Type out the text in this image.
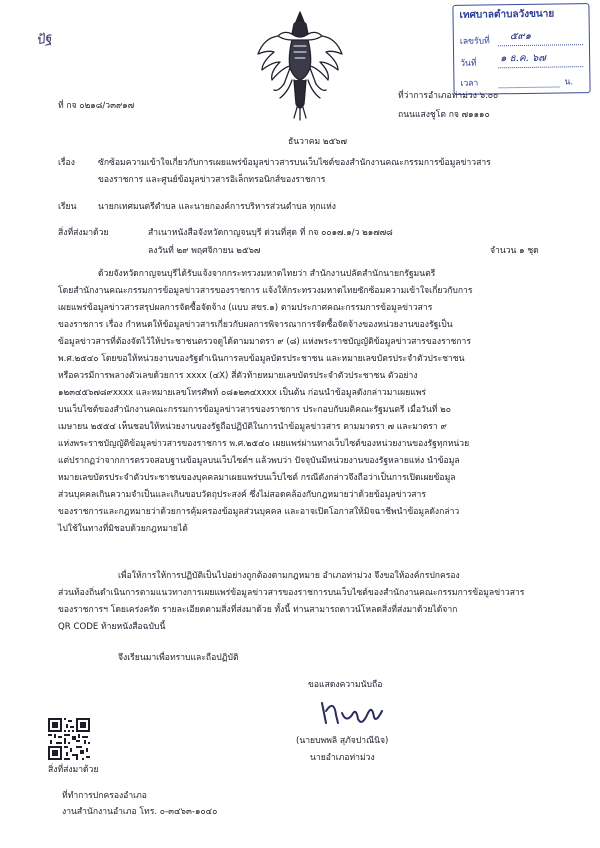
ปัฐ
เทศบาลตำบลวังขนาย
เลขรับที่ ๕๙๑
วันที่ ๑ ธ.ค. ๖๗
เวลา	น.
ที่ กจ ๐๒๑๘/ว๓๙๑๗
ที่ว่าการอำเภอท่าม่วง ๖.๐๐
ถนนแสงชูโต กจ ๗๑๑๑๐
ธันวาคม ๒๕๖๗
เรื่อง	ซักซ้อมความเข้าใจเกี่ยวกับการเผยแพร่ข้อมูลข่าวสารบนเว็บไซต์ของสำนักงานคณะกรรมการข้อมูลข่าวสาร
ของราชการ และศูนย์ข้อมูลข่าวสารอิเล็กทรอนิกส์ของราชการ
เรียน	นายกเทศมนตรีตำบล และนายกองค์การบริหารส่วนตำบล ทุกแห่ง
สิ่งที่ส่งมาด้วย	สำเนาหนังสือจังหวัดกาญจนบุรี ด่วนที่สุด ที่ กจ ๐๐๑๗.๑/ว ๒๑๗๗๘
ลงวันที่ ๒๙ พฤศจิกายน ๒๕๖๗	จำนวน ๑ ชุด
ด้วยจังหวัดกาญจนบุรีได้รับแจ้งจากกระทรวงมหาดไทยว่า สำนักงานปลัดสำนักนายกรัฐมนตรี
โดยสำนักงานคณะกรรมการข้อมูลข่าวสารของราชการ แจ้งให้กระทรวงมหาดไทยซักซ้อมความเข้าใจเกี่ยวกับการ
เผยแพร่ข้อมูลข่าวสารสรุปผลการจัดซื้อจัดจ้าง (แบบ สขร.๑) ตามประกาศคณะกรรมการข้อมูลข่าวสาร
ของราชการ เรื่อง กำหนดให้ข้อมูลข่าวสารเกี่ยวกับผลการพิจารณาการจัดซื้อจัดจ้างของหน่วยงานของรัฐเป็น
ข้อมูลข่าวสารที่ต้องจัดไว้ให้ประชาชนตรวจดูได้ตามมาตรา ๙ (๘) แห่งพระราชบัญญัติข้อมูลข่าวสารของราชการ
พ.ศ.๒๕๔๐ โดยขอให้หน่วยงานของรัฐดำเนินการลบข้อมูลบัตรประชาชน และหมายเลขบัตรประจำตัวประชาชน
หรือควรมีการพลางตัวเลขด้วยการ xxxx (๔X) สี่ตัวท้ายหมายเลขบัตรประจำตัวประชาชน ตัวอย่าง
๑๒๓๔๕๖๗๘๙xxxx และหมายเลขโทรศัพท์ ๐๘๑๒๓๔xxxx เป็นต้น ก่อนนำข้อมูลดังกล่าวมาเผยแพร่
บนเว็บไซต์ของสำนักงานคณะกรรมการข้อมูลข่าวสารของราชการ ประกอบกับมติคณะรัฐมนตรี เมื่อวันที่ ๒๐
เมษายน ๒๕๕๔ เห็นชอบให้หน่วยงานของรัฐถือปฏิบัติในการนำข้อมูลข่าวสาร ตามมาตรา ๗ และมาตรา ๙
แห่งพระราชบัญญัติข้อมูลข่าวสารของราชการ พ.ศ.๒๕๔๐ เผยแพร่ผ่านทางเว็บไซต์ของหน่วยงานของรัฐทุกหน่วย
แต่ปรากฏว่าจากการตรวจสอบฐานข้อมูลบนเว็บไซต์ฯ แล้วพบว่า ปัจจุบันมีหน่วยงานของรัฐหลายแห่ง นำข้อมูล
หมายเลขบัตรประจำตัวประชาชนของบุคคลมาเผยแพร่บนเว็บไซต์ กรณีดังกล่าวจึงถือว่าเป็นการเปิดเผยข้อมูล
ส่วนบุคคลเกินความจำเป็นและเกินขอบวัตถุประสงค์ ซึ่งไม่สอดคล้องกับกฎหมายว่าด้วยข้อมูลข่าวสาร
ของราชการและกฎหมายว่าด้วยการคุ้มครองข้อมูลส่วนบุคคล และอาจเปิดโอกาสให้มิจฉาชีพนำข้อมูลดังกล่าว
ไปใช้ในทางที่มิชอบด้วยกฎหมายได้
เพื่อให้การให้การปฏิบัติเป็นไปอย่างถูกต้องตามกฎหมาย อำเภอท่าม่วง จึงขอให้องค์กรปกครอง
ส่วนท้องถิ่นดำเนินการตามแนวทางการเผยแพร่ข้อมูลข่าวสารของราชการบนเว็บไซต์ของสำนักงานคณะกรรมการข้อมูลข่าวสาร
ของราชการฯ โดยเคร่งครัด รายละเอียดตามสิ่งที่ส่งมาด้วย ทั้งนี้ ท่านสามารถดาวน์โหลดสิ่งที่ส่งมาด้วยได้จาก
QR CODE ท้ายหนังสือฉบับนี้
จึงเรียนมาเพื่อทราบและถือปฏิบัติ
ขอแสดงความนับถือ
(นายบพพลิ สุภัจปาณีนิจ)
นายอำเภอท่าม่วง
สิ่งที่ส่งมาด้วย
ที่ทำการปกครองอำเภอ
งานสำนักงานอำเภอ โทร. ๐-๓๔๖๓-๑๐๔๐
